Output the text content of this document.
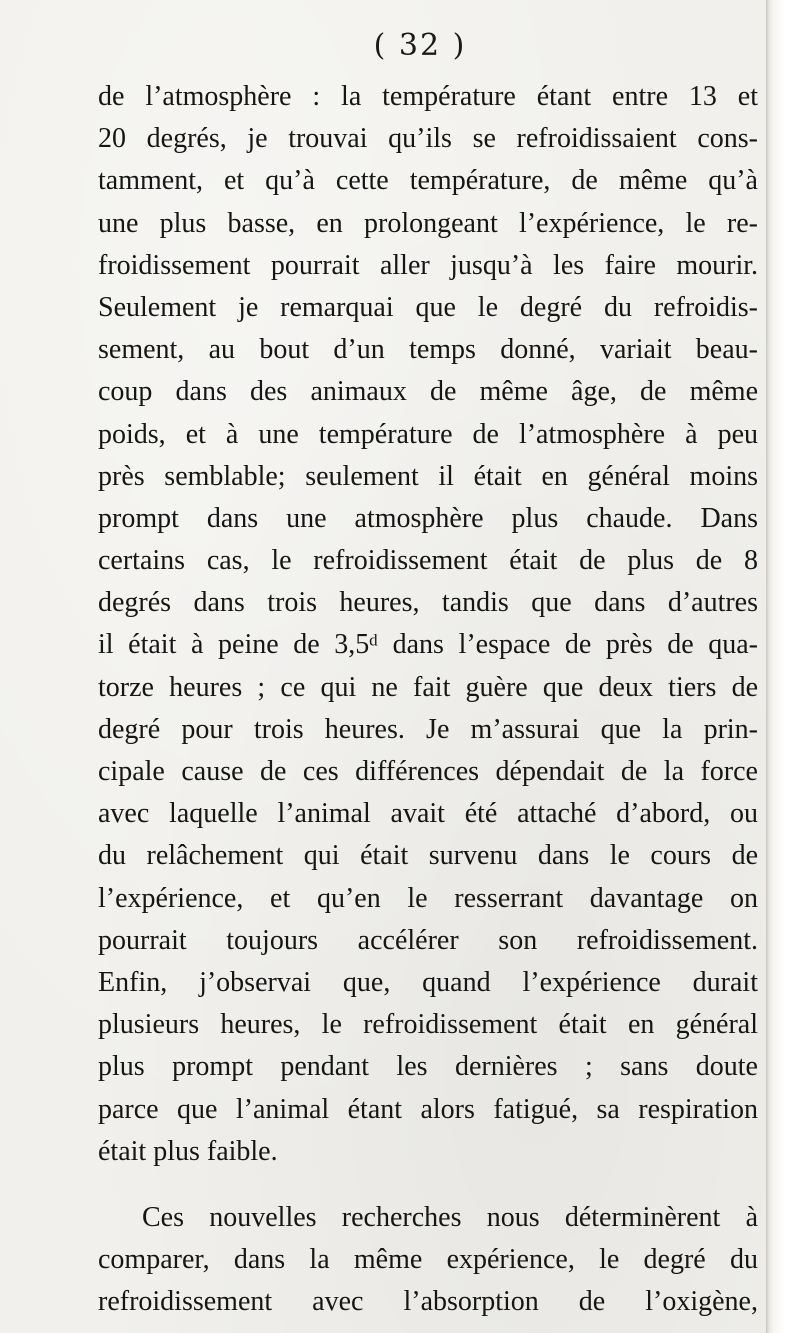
( 32 )

de l’atmosphère : la température étant entre 13 et
20 degrés, je trouvai qu’ils se refroidissaient cons-
tamment, et qu’à cette température, de même qu’à
une plus basse, en prolongeant l’expérience, le re-
froidissement pourrait aller jusqu’à les faire mourir.
Seulement je remarquai que le degré du refroidis-
sement, au bout d’un temps donné, variait beau-
coup dans des animaux de même âge, de même
poids, et à une température de l’atmosphère à peu
près semblable; seulement il était en général moins
prompt dans une atmosphère plus chaude. Dans
certains cas, le refroidissement était de plus de 8
degrés dans trois heures, tandis que dans d’autres
il était à peine de 3,5ᵈ dans l’espace de près de qua-
torze heures ; ce qui ne fait guère que deux tiers de
degré pour trois heures. Je m’assurai que la prin-
cipale cause de ces différences dépendait de la force
avec laquelle l’animal avait été attaché d’abord, ou
du relâchement qui était survenu dans le cours de
l’expérience, et qu’en le resserrant davantage on
pourrait toujours accélérer son refroidissement.
Enfin, j’observai que, quand l’expérience durait
plusieurs heures, le refroidissement était en général
plus prompt pendant les dernières ; sans doute
parce que l’animal étant alors fatigué, sa respiration
était plus faible.
Ces nouvelles recherches nous déterminèrent à
comparer, dans la même expérience, le degré du
refroidissement avec l’absorption de l’oxigène,
